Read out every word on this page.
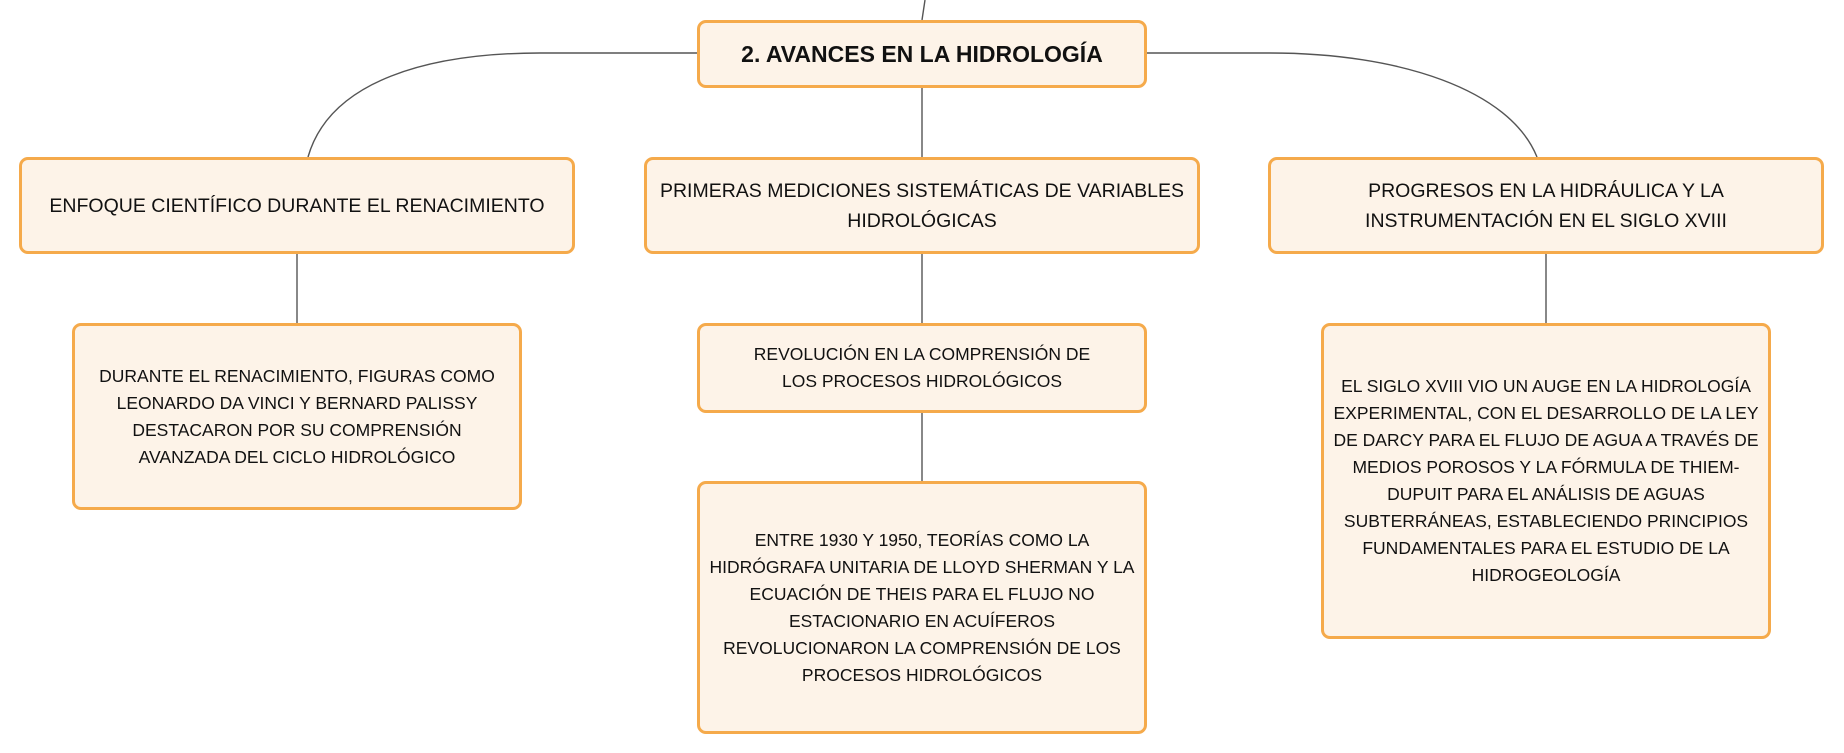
2. AVANCES EN LA HIDROLOGÍA
ENFOQUE CIENTÍFICO DURANTE EL RENACIMIENTO
PRIMERAS MEDICIONES SISTEMÁTICAS DE VARIABLES HIDROLÓGICAS
PROGRESOS EN LA HIDRÁULICA Y LA INSTRUMENTACIÓN EN EL SIGLO XVIII
DURANTE EL RENACIMIENTO, FIGURAS COMO LEONARDO DA VINCI Y BERNARD PALISSY DESTACARON POR SU COMPRENSIÓN AVANZADA DEL CICLO HIDROLÓGICO
REVOLUCIÓN EN LA COMPRENSIÓN DE LOS PROCESOS HIDROLÓGICOS
ENTRE 1930 Y 1950, TEORÍAS COMO LA HIDRÓGRAFA UNITARIA DE LLOYD SHERMAN Y LA ECUACIÓN DE THEIS PARA EL FLUJO NO ESTACIONARIO EN ACUÍFEROS REVOLUCIONARON LA COMPRENSIÓN DE LOS PROCESOS HIDROLÓGICOS
EL SIGLO XVIII VIO UN AUGE EN LA HIDROLOGÍA EXPERIMENTAL, CON EL DESARROLLO DE LA LEY DE DARCY PARA EL FLUJO DE AGUA A TRAVÉS DE MEDIOS POROSOS Y LA FÓRMULA DE THIEM-DUPUIT PARA EL ANÁLISIS DE AGUAS SUBTERRÁNEAS, ESTABLECIENDO PRINCIPIOS FUNDAMENTALES PARA EL ESTUDIO DE LA HIDROGEOLOGÍA
